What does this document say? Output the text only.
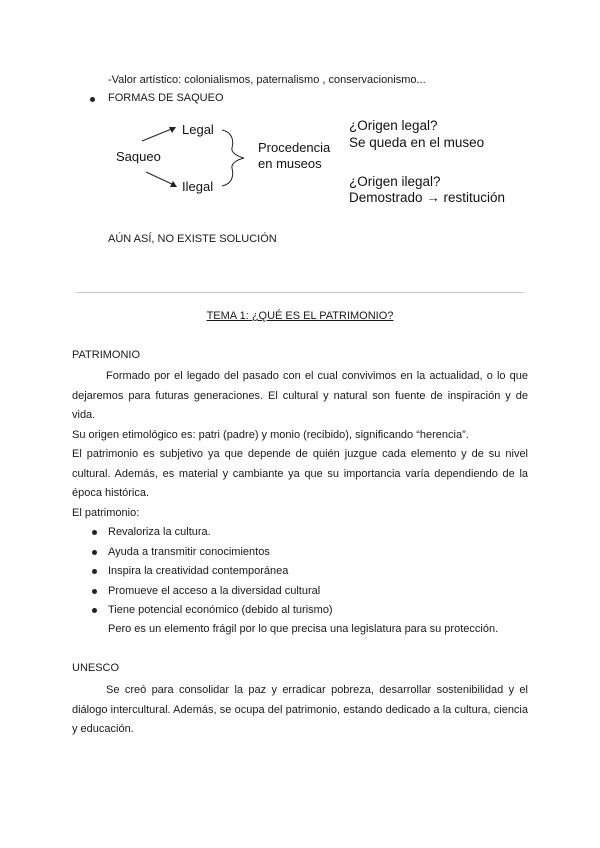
-Valor artístico: colonialismos, paternalismo , conservacionismo...
FORMAS DE SAQUEO
Saqueo
Legal
Ilegal
Procedencia
en museos
¿Origen legal?
Se queda en el museo
¿Origen ilegal?
Demostrado → restitución
AÚN ASÍ, NO EXISTE SOLUCIÓN
TEMA 1: ¿QUÉ ES EL PATRIMONIO?
PATRIMONIO
Formado por el legado del pasado con el cual convivimos en la actualidad, o lo que dejaremos para futuras generaciones. El cultural y natural son fuente de inspiración y de vida.
Su origen etimológico es: patri (padre) y monio (recibido), significando “herencia”.
El patrimonio es subjetivo ya que depende de quién juzgue cada elemento y de su nivel cultural. Además, es material y cambiante ya que su importancia varía dependiendo de la época histórica.
El patrimonio:
Revaloriza la cultura.
Ayuda a transmitir conocimientos
Inspira la creatividad contemporánea
Promueve el acceso a la diversidad cultural
Tiene potencial económico (debido al turismo)
Pero es un elemento frágil por lo que precisa una legislatura para su protección.
UNESCO
Se creó para consolidar la paz y erradicar pobreza, desarrollar sostenibilidad y el diálogo intercultural. Además, se ocupa del patrimonio, estando dedicado a la cultura, ciencia y educación.
